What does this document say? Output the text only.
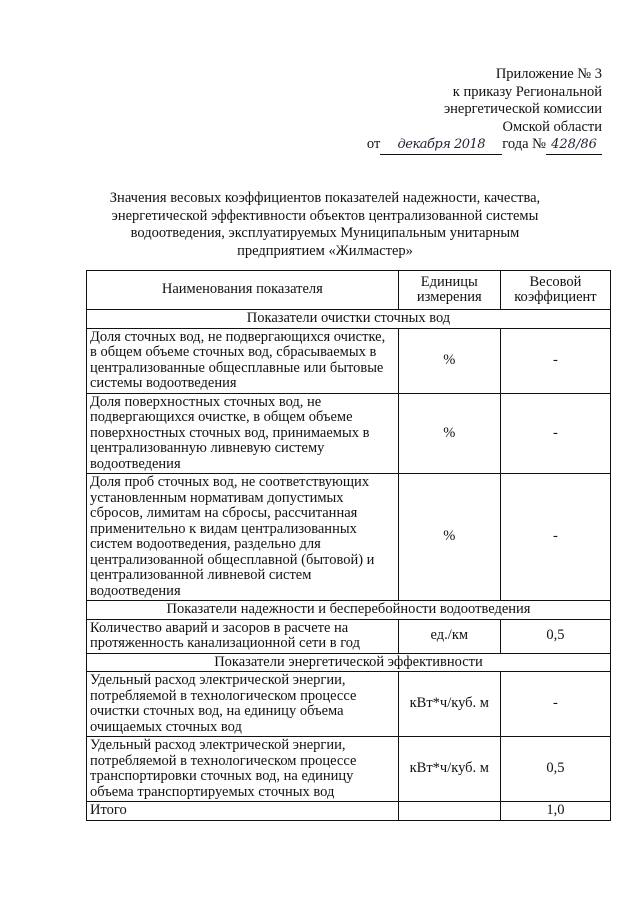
Приложение № 3
к приказу Региональной
энергетической комиссии
Омской области
от	декабря 2018	года № 428/86
Значения весовых коэффициентов показателей надежности, качества,
энергетической эффективности объектов централизованной системы
водоотведения, эксплуатируемых Муниципальным унитарным
предприятием «Жилмастер»
Наименования показателя	Единицы измерения	Весовой коэффициент
Показатели очистки сточных вод		
Доля сточных вод, не подвергающихся очистке, в общем объеме сточных вод, сбрасываемых в централизованные общесплавные или бытовые системы водоотведения	%	-
Доля поверхностных сточных вод, не подвергающихся очистке, в общем объеме поверхностных сточных вод, принимаемых в централизованную ливневую систему водоотведения	%	-
Доля проб сточных вод, не соответствующих установленным нормативам допустимых сбросов, лимитам на сбросы, рассчитанная применительно к видам централизованных систем водоотведения, раздельно для централизованной общесплавной (бытовой) и централизованной ливневой систем водоотведения	%	-
Показатели надежности и бесперебойности водоотведения		
Количество аварий и засоров в расчете на протяженность канализационной сети в год	ед./км	0,5
Показатели энергетической эффективности		
Удельный расход электрической энергии, потребляемой в технологическом процессе очистки сточных вод, на единицу объема очищаемых сточных вод	кВт*ч/куб. м	-
Удельный расход электрической энергии, потребляемой в технологическом процессе транспортировки сточных вод, на единицу объема транспортируемых сточных вод	кВт*ч/куб. м	0,5
Итого		1,0
